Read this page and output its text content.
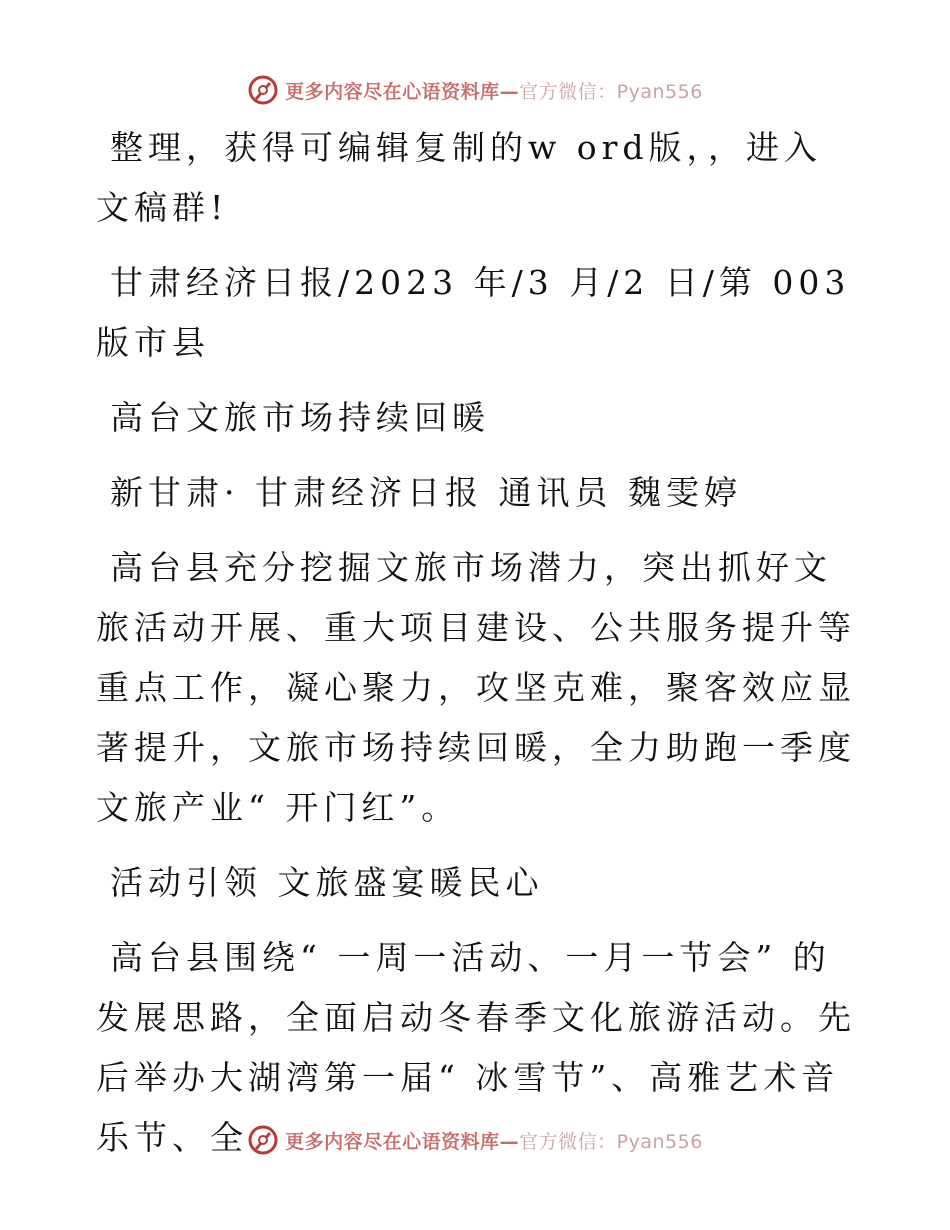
更多内容尽在心语资料库—官方微信：Pyan556

整理，获得可编辑复制的w ord版，，进入文稿群!

甘肃经济日报/2023 年/3 月/2 日/第 003 版市县

高台文旅市场持续回暖

新甘肃· 甘肃经济日报 通讯员 魏雯婷

高台县充分挖掘文旅市场潜力，突出抓好文旅活动开展、重大项目建设、公共服务提升等重点工作，凝心聚力，攻坚克难，聚客效应显著提升，文旅市场持续回暖，全力助跑一季度文旅产业“ 开门红”。

活动引领 文旅盛宴暖民心

高台县围绕“ 一周一活动、一月一节会” 的发展思路，全面启动冬春季文化旅游活动。先后举办大湖湾第一届“ 冰雪节”、高雅艺术音乐节、全	更多内容尽在心语资料库—官方微信：Pyan556
